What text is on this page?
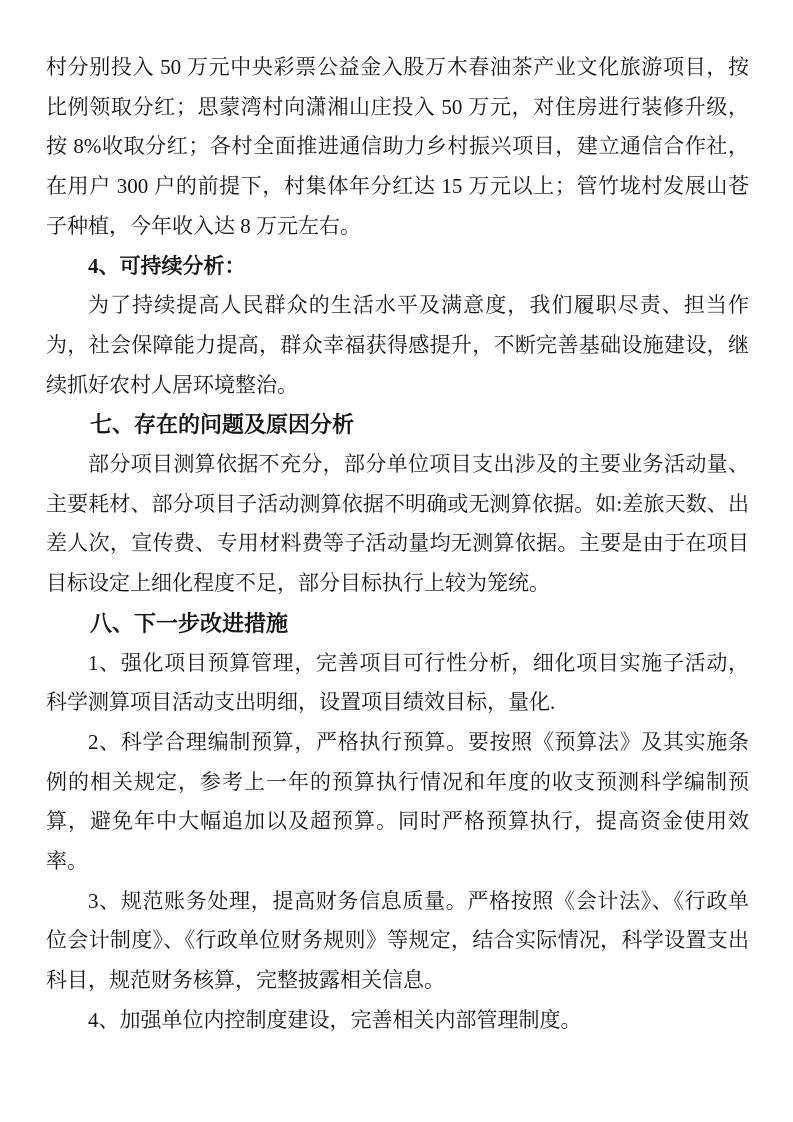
村分别投入 50 万元中央彩票公益金入股万木春油茶产业文化旅游项目，按比例领取分红；思蒙湾村向潇湘山庄投入 50 万元，对住房进行装修升级，按 8%收取分红；各村全面推进通信助力乡村振兴项目，建立通信合作社，在用户 300 户的前提下，村集体年分红达 15 万元以上；管竹垅村发展山苍子种植，今年收入达 8 万元左右。

4、可持续分析：

为了持续提高人民群众的生活水平及满意度，我们履职尽责、担当作为，社会保障能力提高，群众幸福获得感提升，不断完善基础设施建设，继续抓好农村人居环境整治。

七、存在的问题及原因分析

部分项目测算依据不充分，部分单位项目支出涉及的主要业务活动量、主要耗材、部分项目子活动测算依据不明确或无测算依据。如:差旅天数、出差人次，宣传费、专用材料费等子活动量均无测算依据。主要是由于在项目目标设定上细化程度不足，部分目标执行上较为笼统。

八、下一步改进措施

1、强化项目预算管理，完善项目可行性分析，细化项目实施子活动，科学测算项目活动支出明细，设置项目绩效目标，量化.

2、科学合理编制预算，严格执行预算。要按照《预算法》及其实施条例的相关规定，参考上一年的预算执行情况和年度的收支预测科学编制预算，避免年中大幅追加以及超预算。同时严格预算执行，提高资金使用效率。

3、规范账务处理，提高财务信息质量。严格按照《会计法》、《行政单位会计制度》、《行政单位财务规则》等规定，结合实际情况，科学设置支出科目，规范财务核算，完整披露相关信息。

4、加强单位内控制度建设，完善相关内部管理制度。
